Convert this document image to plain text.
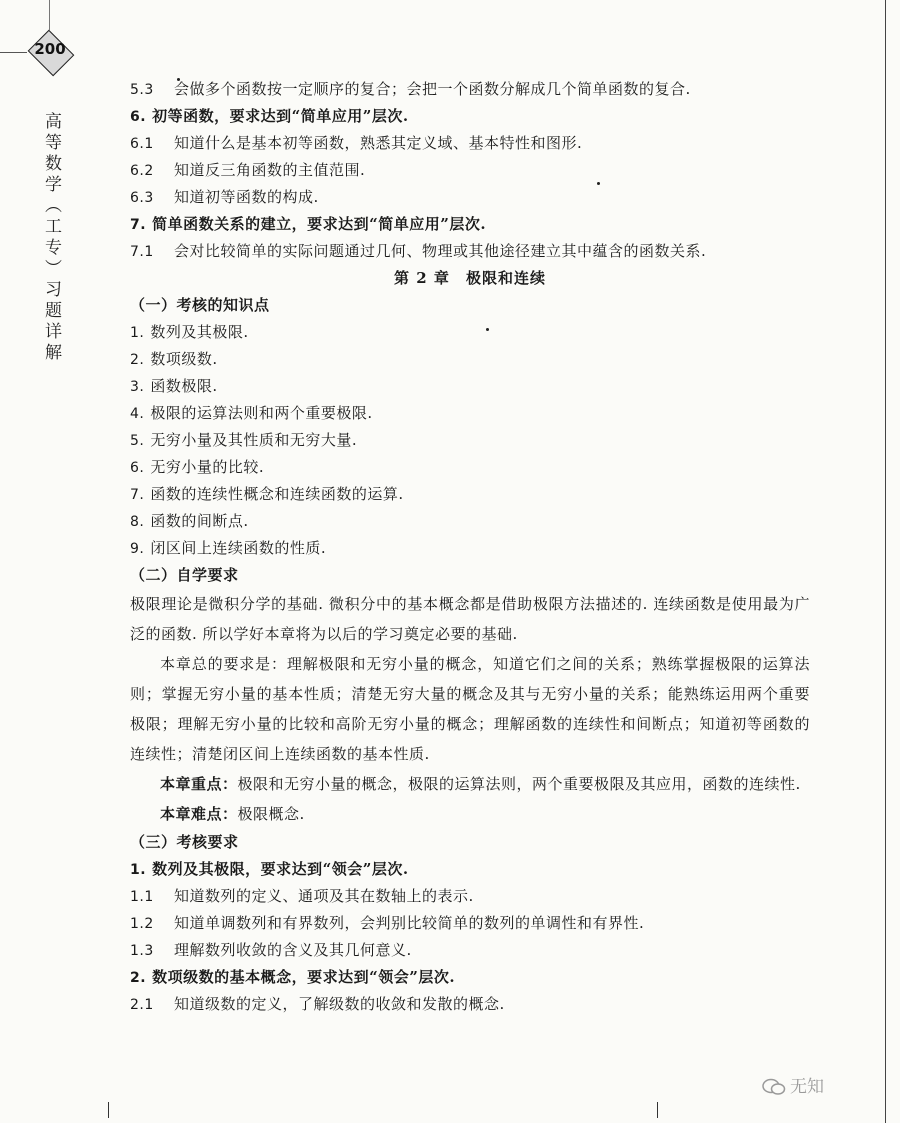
200
高等数学（工专）习题详解
5.3 会做多个函数按一定顺序的复合；会把一个函数分解成几个简单函数的复合.
6. 初等函数，要求达到“简单应用”层次.
6.1 知道什么是基本初等函数，熟悉其定义域、基本特性和图形.
6.2 知道反三角函数的主值范围.
6.3 知道初等函数的构成.
7. 简单函数关系的建立，要求达到“简单应用”层次.
7.1 会对比较简单的实际问题通过几何、物理或其他途径建立其中蕴含的函数关系.
第 2 章 极限和连续
（一）考核的知识点
1. 数列及其极限.
2. 数项级数.
3. 函数极限.
4. 极限的运算法则和两个重要极限.
5. 无穷小量及其性质和无穷大量.
6. 无穷小量的比较.
7. 函数的连续性概念和连续函数的运算.
8. 函数的间断点.
9. 闭区间上连续函数的性质.
（二）自学要求

极限理论是微积分学的基础. 微积分中的基本概念都是借助极限方法描述的. 连续函数是使用最为广泛的函数. 所以学好本章将为以后的学习奠定必要的基础.

本章总的要求是：理解极限和无穷小量的概念，知道它们之间的关系；熟练掌握极限的运算法则；掌握无穷小量的基本性质；清楚无穷大量的概念及其与无穷小量的关系；能熟练运用两个重要极限；理解无穷小量的比较和高阶无穷小量的概念；理解函数的连续性和间断点；知道初等函数的连续性；清楚闭区间上连续函数的基本性质.

本章重点：极限和无穷小量的概念，极限的运算法则，两个重要极限及其应用，函数的连续性.

本章难点：极限概念.

（三）考核要求
1. 数列及其极限，要求达到“领会”层次.
1.1 知道数列的定义、通项及其在数轴上的表示.
1.2 知道单调数列和有界数列，会判别比较简单的数列的单调性和有界性.
1.3 理解数列收敛的含义及其几何意义.
2. 数项级数的基本概念，要求达到“领会”层次.
2.1 知道级数的定义，了解级数的收敛和发散的概念.
无知
